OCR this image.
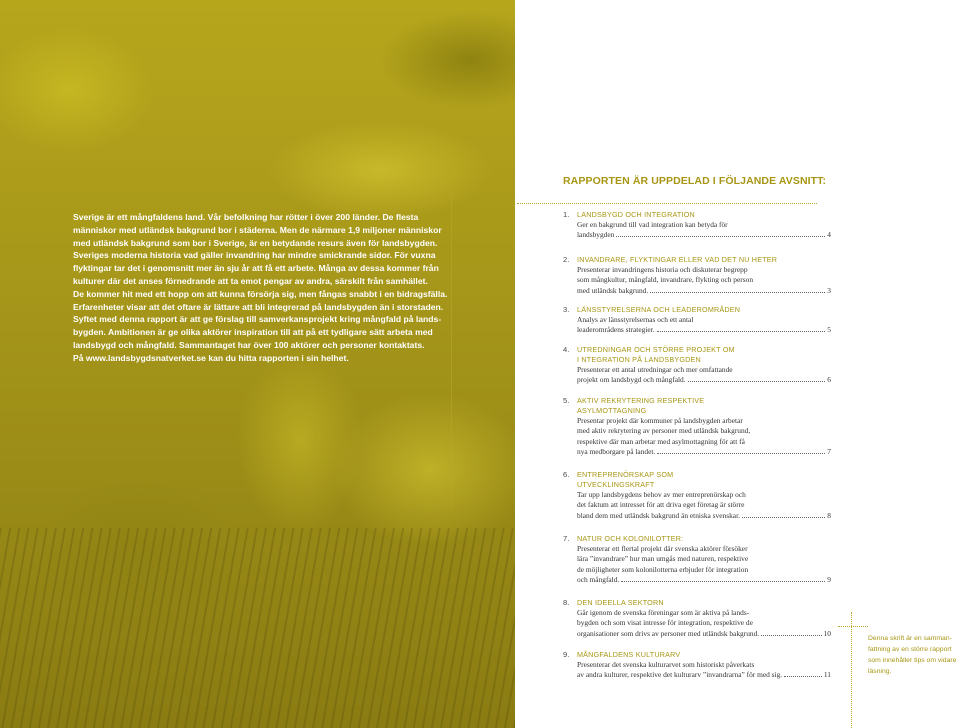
Sverige är ett mångfaldens land. Vår befolkning har rötter i över 200 länder. De flesta
människor med utländsk bakgrund bor i städerna. Men de närmare 1,9 miljoner människor
med utländsk bakgrund som bor i Sverige, är en betydande resurs även för landsbygden.
Sveriges moderna historia vad gäller invandring har mindre smickrande sidor. För vuxna
flyktingar tar det i genomsnitt mer än sju år att få ett arbete. Många av dessa kommer från
kulturer där det anses förnedrande att ta emot pengar av andra, särskilt från samhället.
De kommer hit med ett hopp om att kunna försörja sig, men fångas snabbt i en bidragsfälla.
Erfarenheter visar att det oftare är lättare att bli integrerad på landsbygden än i storstaden.
Syftet med denna rapport är att ge förslag till samverkansprojekt kring mångfald på lands-
bygden. Ambitionen är ge olika aktörer inspiration till att på ett tydligare sätt arbeta med
landsbygd och mångfald. Sammantaget har över 100 aktörer och personer kontaktats.
På www.landsbygdsnatverket.se kan du hitta rapporten i sin helhet.

RAPPORTEN ÄR UPPDELAD I FÖLJANDE AVSNITT:
1.	LANDSBYGD OCH INTEGRATION
Ger en bakgrund till vad integration kan betyda för
landsbygden	4
2.	INVANDRARE, FLYKTINGAR ELLER VAD DET NU HETER
Presenterar invandringens historia och diskuterar begrepp
som mångkultur, mångfald, invandrare, flykting och person
med utländsk bakgrund.	3
3.	LÄNSSTYRELSERNA OCH LEADEROMRÅDEN
Analys av länsstyrelsernas och ett antal
leaderområdens strategier.	5
4.	UTREDNINGAR OCH STÖRRE PROJEKT OM
I NTEGRATION PÅ LANDSBYGDEN
Presenterar ett antal utredningar och mer omfattande
projekt om landsbygd och mångfald.	6
5.	AKTIV REKRYTERING RESPEKTIVE
ASYLMOTTAGNING
Presentar projekt där kommuner på landsbygden arbetar
med aktiv rekrytering av personer med utländsk bakgrund,
respektive där man arbetar med asylmottagning för att få
nya medborgare på landet.	7
6.	ENTREPRENÖRSKAP SOM
UTVECKLINGSKRAFT
Tar upp landsbygdens behov av mer entreprenörskap och
det faktum att intresset för att driva eget företag är större
bland dem med utländsk bakgrund än etniska svenskar.	8
7.	NATUR OCH KOLONILOTTER:
Presenterar ett flertal projekt där svenska aktörer försöker
lära ”invandrare” hur man umgås med naturen, respektive
de möjligheter som kolonilotterna erbjuder för integration
och mångfald.	9
8.	DEN IDEELLA SEKTORN
Går igenom de svenska föreningar som är aktiva på lands-
bygden och som visat intresse för integration, respektive de
organisationer som drivs av personer med utländsk bakgrund.	10
9.	MÅNGFALDENS KULTURARV
Presenterar det svenska kulturarvet som historiskt påverkats
av andra kulturer, respektive det kulturarv ”invandrarna” för med sig.	11

Denna skrift är en samman-
fattning av en större rapport
som innehåller tips om vidare
läsning.
